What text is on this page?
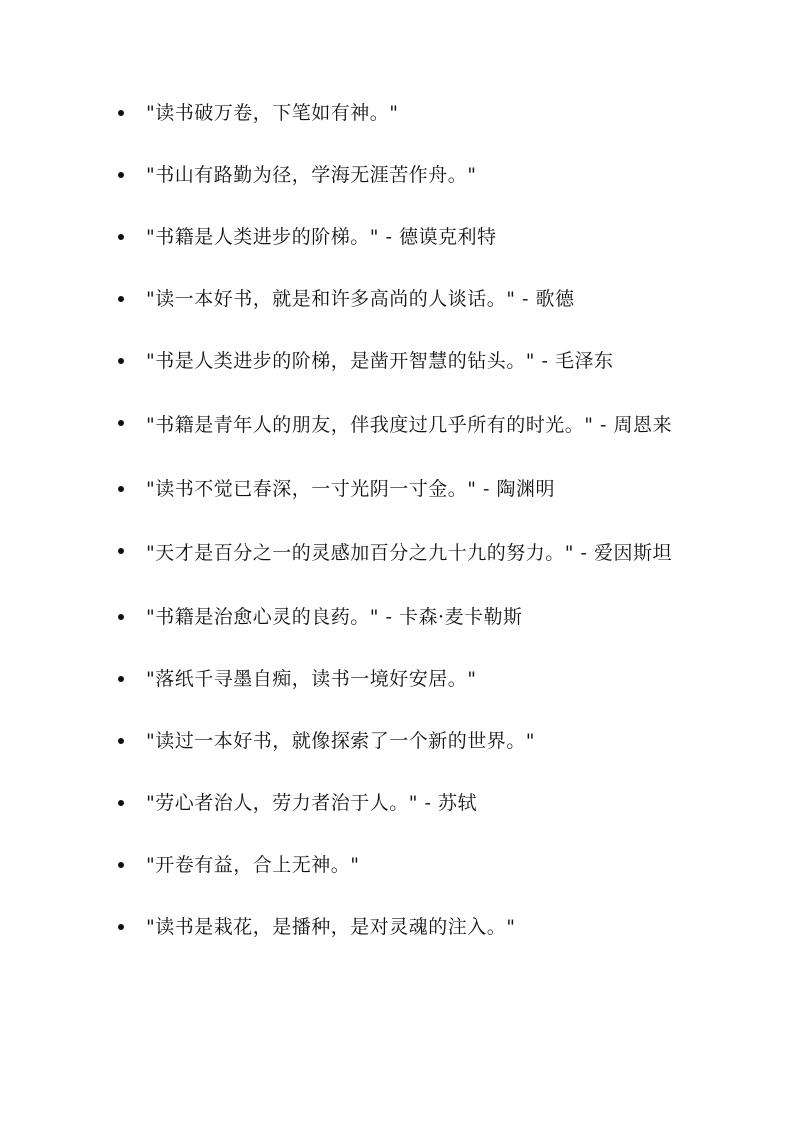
"读书破万卷，下笔如有神。"
"书山有路勤为径，学海无涯苦作舟。"
"书籍是人类进步的阶梯。" - 德谟克利特
"读一本好书，就是和许多高尚的人谈话。" - 歌德
"书是人类进步的阶梯，是凿开智慧的钻头。" - 毛泽东
"书籍是青年人的朋友，伴我度过几乎所有的时光。" - 周恩来
"读书不觉已春深，一寸光阴一寸金。" - 陶渊明
"天才是百分之一的灵感加百分之九十九的努力。" - 爱因斯坦
"书籍是治愈心灵的良药。" - 卡森·麦卡勒斯
"落纸千寻墨自痴，读书一境好安居。"
"读过一本好书，就像探索了一个新的世界。"
"劳心者治人，劳力者治于人。" - 苏轼
"开卷有益，合上无神。"
"读书是栽花，是播种，是对灵魂的注入。"
